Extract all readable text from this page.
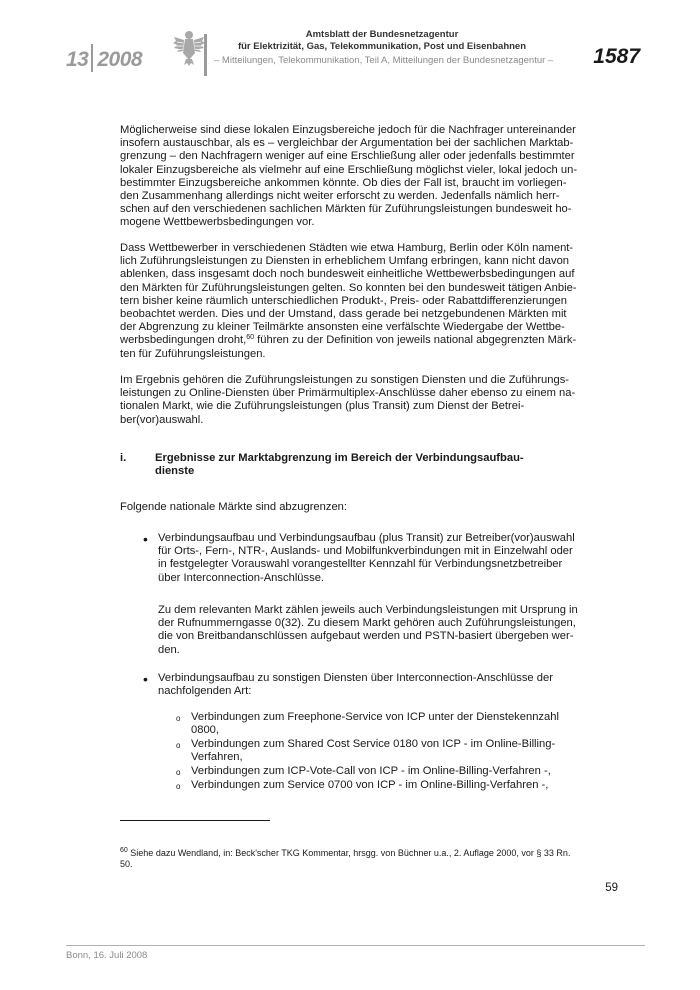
13 2008
Amtsblatt der Bundesnetzagentur
für Elektrizität, Gas, Telekommunikation, Post und Eisenbahnen
– Mitteilungen, Telekommunikation, Teil A, Mitteilungen der Bundesnetzagentur – 1587

Möglicherweise sind diese lokalen Einzugsbereiche jedoch für die Nachfrager untereinander
insofern austauschbar, als es – vergleichbar der Argumentation bei der sachlichen Marktab-
grenzung – den Nachfragern weniger auf eine Erschließung aller oder jedenfalls bestimmter
lokaler Einzugsbereiche als vielmehr auf eine Erschließung möglichst vieler, lokal jedoch un-
bestimmter Einzugsbereiche ankommen könnte. Ob dies der Fall ist, braucht im vorliegen-
den Zusammenhang allerdings nicht weiter erforscht zu werden. Jedenfalls nämlich herr-
schen auf den verschiedenen sachlichen Märkten für Zuführungsleistungen bundesweit ho-
mogene Wettbewerbsbedingungen vor.

Dass Wettbewerber in verschiedenen Städten wie etwa Hamburg, Berlin oder Köln nament-
lich Zuführungsleistungen zu Diensten in erheblichem Umfang erbringen, kann nicht davon
ablenken, dass insgesamt doch noch bundesweit einheitliche Wettbewerbsbedingungen auf
den Märkten für Zuführungsleistungen gelten. So konnten bei den bundesweit tätigen Anbie-
tern bisher keine räumlich unterschiedlichen Produkt-, Preis- oder Rabattdifferenzierungen
beobachtet werden. Dies und der Umstand, dass gerade bei netzgebundenen Märkten mit
der Abgrenzung zu kleiner Teilmärkte ansonsten eine verfälschte Wiedergabe der Wettbe-
werbsbedingungen droht,$^{60}$ führen zu der Definition von jeweils national abgegrenzten Märk-
ten für Zuführungsleistungen.

Im Ergebnis gehören die Zuführungsleistungen zu sonstigen Diensten und die Zuführungs-
leistungen zu Online-Diensten über Primärmultiplex-Anschlüsse daher ebenso zu einem na-
tionalen Markt, wie die Zuführungsleistungen (plus Transit) zum Dienst der Betrei-
ber(vor)auswahl.

i.	Ergebnisse zur Marktabgrenzung im Bereich der Verbindungsaufbau-
dienste

Folgende nationale Märkte sind abzugrenzen:

• Verbindungsaufbau und Verbindungsaufbau (plus Transit) zur Betreiber(vor)auswahl
für Orts-, Fern-, NTR-, Auslands- und Mobilfunkverbindungen mit in Einzelwahl oder
in festgelegter Vorauswahl vorangestellter Kennzahl für Verbindungsnetzbetreiber
über Interconnection-Anschlüsse.

Zu dem relevanten Markt zählen jeweils auch Verbindungsleistungen mit Ursprung in
der Rufnummerngasse 0(32). Zu diesem Markt gehören auch Zuführungsleistungen,
die von Breitbandanschlüssen aufgebaut werden und PSTN-basiert übergeben wer-
den.

• Verbindungsaufbau zu sonstigen Diensten über Interconnection-Anschlüsse der
nachfolgenden Art:

o Verbindungen zum Freephone-Service von ICP unter der Dienstekennzahl
0800,

o Verbindungen zum Shared Cost Service 0180 von ICP - im Online-Billing-
Verfahren,

o Verbindungen zum ICP-Vote-Call von ICP - im Online-Billing-Verfahren -,

o Verbindungen zum Service 0700 von ICP - im Online-Billing-Verfahren -,

$^{60}$ Siehe dazu Wendland, in: Beck'scher TKG Kommentar, hrsgg. von Büchner u.a., 2. Auflage 2000, vor § 33 Rn.
50.
59
Bonn, 16. Juli 2008
